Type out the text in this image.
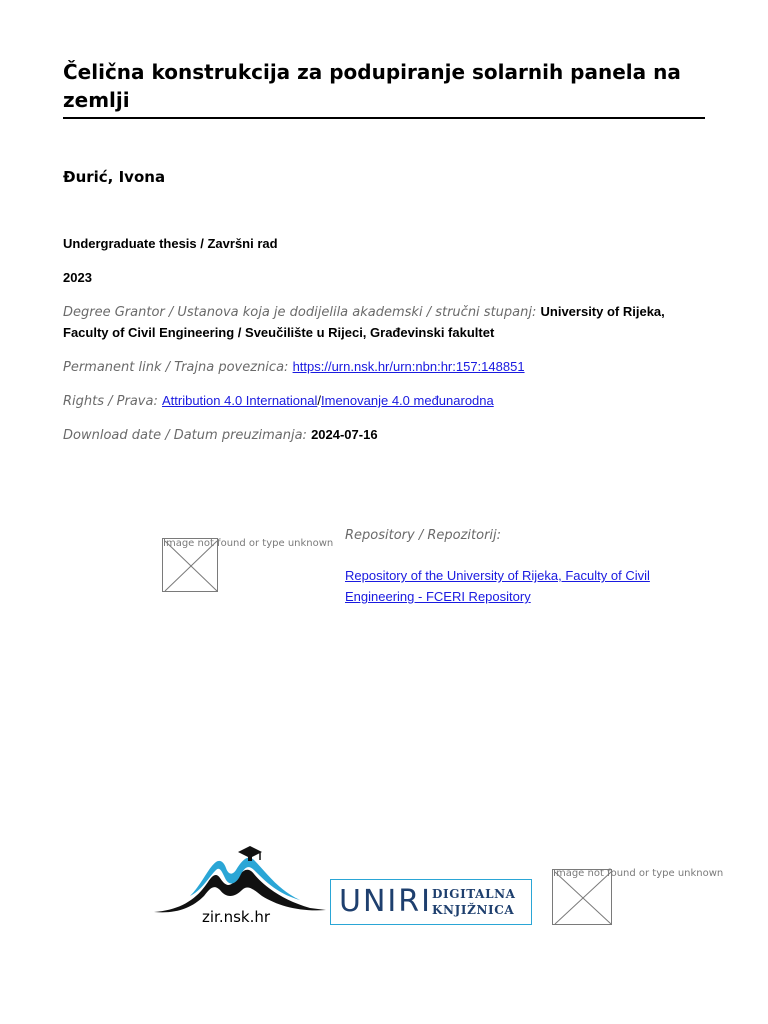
Čelična konstrukcija za podupiranje solarnih panela na zemlji
Đurić, Ivona
Undergraduate thesis / Završni rad
2023
Degree Grantor / Ustanova koja je dodijelila akademski / stručni stupanj: University of Rijeka, Faculty of Civil Engineering / Sveučilište u Rijeci, Građevinski fakultet
Permanent link / Trajna poveznica: https://urn.nsk.hr/urn:nbn:hr:157:148851
Rights / Prava: Attribution 4.0 International/Imenovanje 4.0 međunarodna
Download date / Datum preuzimanja: 2024-07-16
Image not found or type unknown
Repository / Repozitorij:
Repository of the University of Rijeka, Faculty of Civil Engineering - FCERI Repository
zir.nsk.hr UNIRI DIGITALNA
KNJIŽNICA
Image not found or type unknown
